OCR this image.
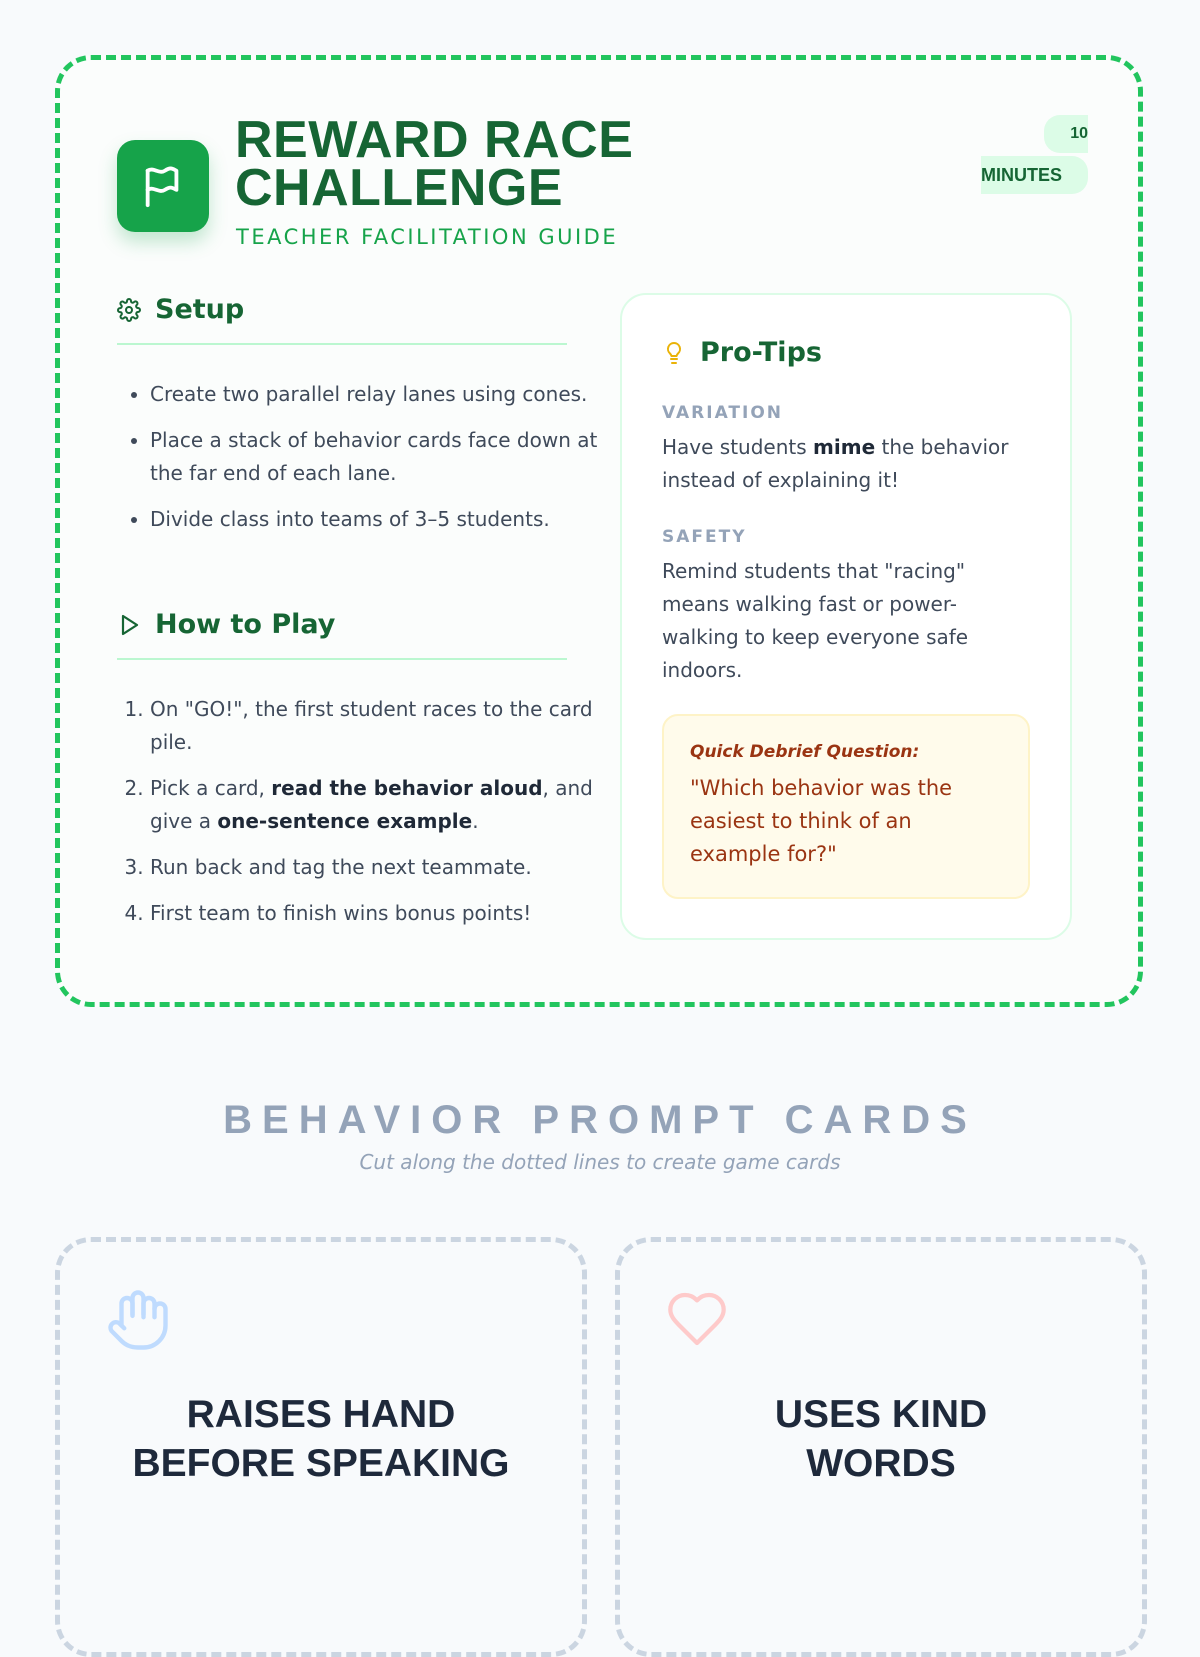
REWARD RACE
CHALLENGE
TEACHER FACILITATION GUIDE
10
MINUTES
Setup
• Create two parallel relay lanes using cones.
• Place a stack of behavior cards face down at the far end of each lane.
• Divide class into teams of 3–5 students.
How to Play
1. On "GO!", the first student races to the card pile.
2. Pick a card, read the behavior aloud, and give a one-sentence example.
3. Run back and tag the next teammate.
4. First team to finish wins bonus points!
Pro-Tips
VARIATION
Have students mime the behavior instead of explaining it!
SAFETY
Remind students that "racing" means walking fast or power-walking to keep everyone safe indoors.
Quick Debrief Question:
"Which behavior was the easiest to think of an example for?"
BEHAVIOR PROMPT CARDS
Cut along the dotted lines to create game cards
RAISES HAND
BEFORE SPEAKING
USES KIND
WORDS
